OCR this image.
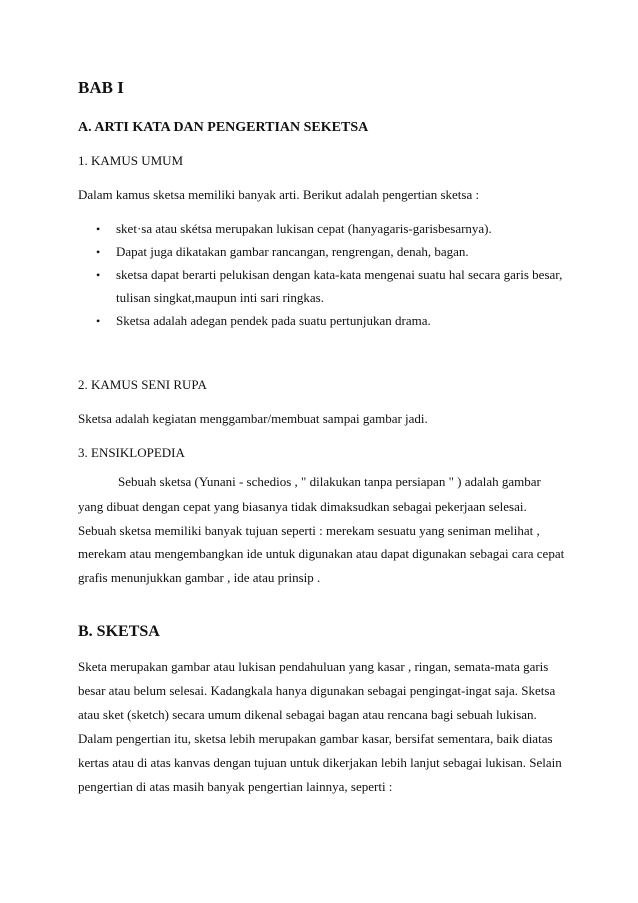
BAB I
A. ARTI KATA DAN PENGERTIAN SEKETSA
1. KAMUS UMUM
Dalam kamus sketsa memiliki banyak arti. Berikut adalah pengertian sketsa :
• sket·sa atau skétsa merupakan lukisan cepat (hanyagaris-garisbesarnya).
• Dapat juga dikatakan gambar rancangan, rengrengan, denah, bagan.
• sketsa dapat berarti pelukisan dengan kata-kata mengenai suatu hal secara garis besar,
tulisan singkat,maupun inti sari ringkas.
• Sketsa adalah adegan pendek pada suatu pertunjukan drama.
2. KAMUS SENI RUPA
Sketsa adalah kegiatan menggambar/membuat sampai gambar jadi.
3. ENSIKLOPEDIA
Sebuah sketsa (Yunani - schedios , " dilakukan tanpa persiapan " ) adalah gambar
yang dibuat dengan cepat yang biasanya tidak dimaksudkan sebagai pekerjaan selesai.
Sebuah sketsa memiliki banyak tujuan seperti : merekam sesuatu yang seniman melihat ,
merekam atau mengembangkan ide untuk digunakan atau dapat digunakan sebagai cara cepat
grafis menunjukkan gambar , ide atau prinsip .
B. SKETSA
Sketa merupakan gambar atau lukisan pendahuluan yang kasar , ringan, semata-mata garis
besar atau belum selesai. Kadangkala hanya digunakan sebagai pengingat-ingat saja. Sketsa
atau sket (sketch) secara umum dikenal sebagai bagan atau rencana bagi sebuah lukisan.
Dalam pengertian itu, sketsa lebih merupakan gambar kasar, bersifat sementara, baik diatas
kertas atau di atas kanvas dengan tujuan untuk dikerjakan lebih lanjut sebagai lukisan. Selain
pengertian di atas masih banyak pengertian lainnya, seperti :
